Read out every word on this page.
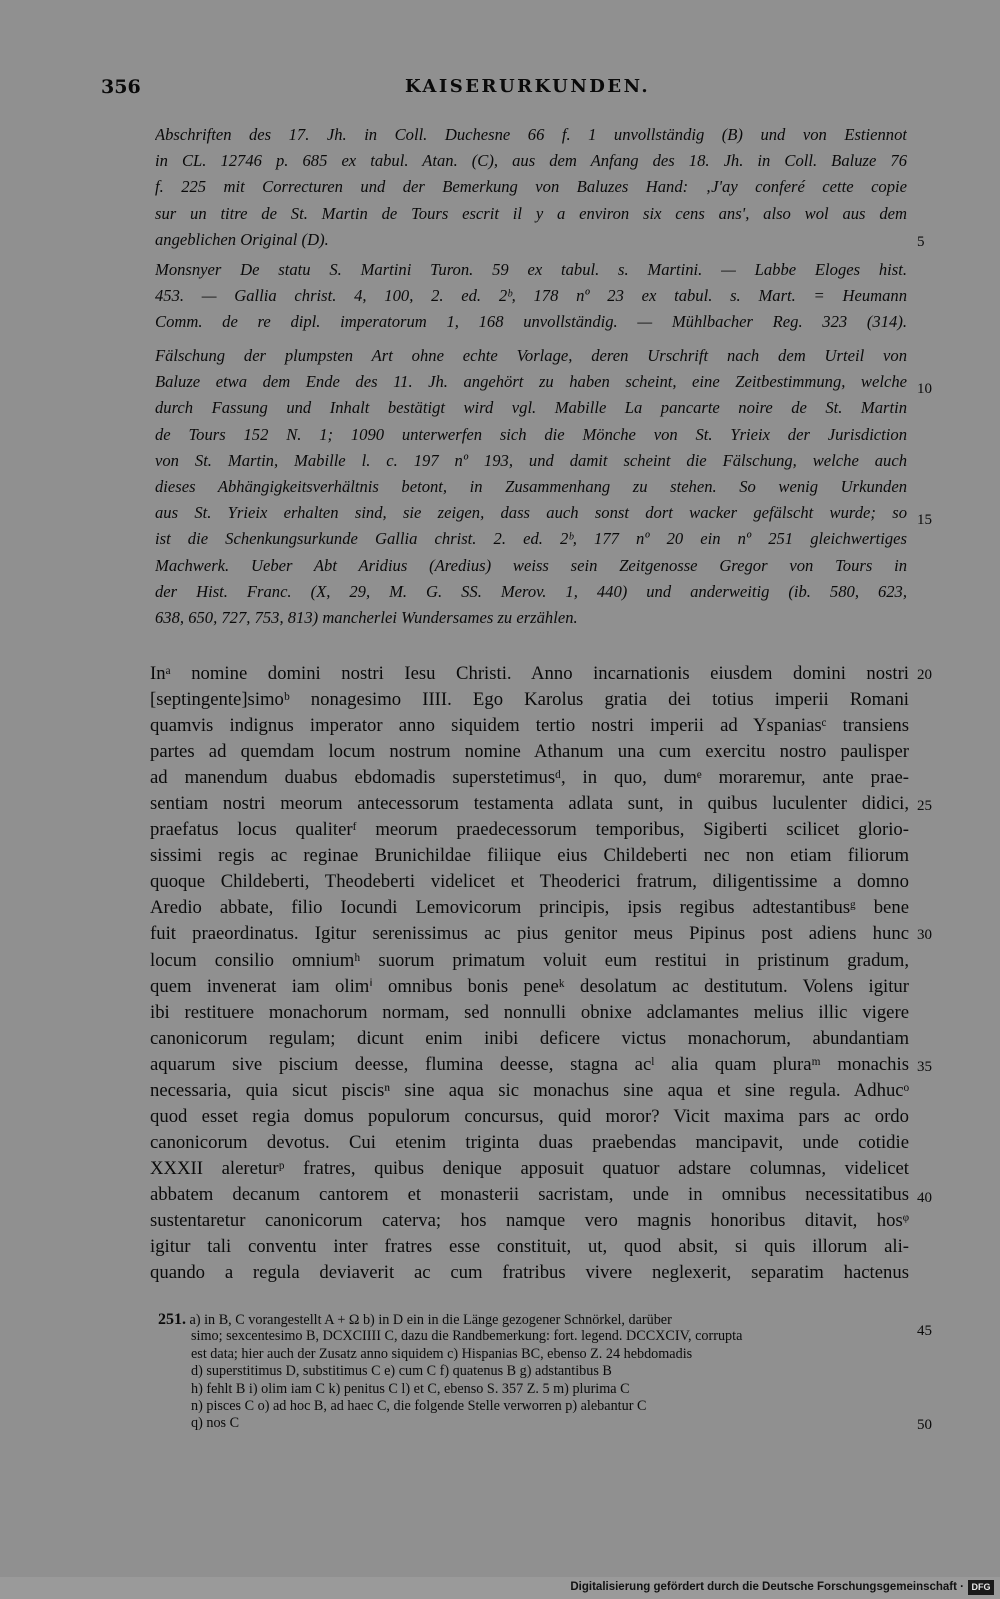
356	KAISERURKUNDEN.
Abschriften des 17. Jh. in Coll. Duchesne 66 f. 1 unvollständig (B) und von Estiennot
in CL. 12746 p. 685 ex tabul. Atan. (C), aus dem Anfang des 18. Jh. in Coll. Baluze 76
f. 225 mit Correcturen und der Bemerkung von Baluzes Hand: ‚J'ay conferé cette copie
sur un titre de St. Martin de Tours escrit il y a environ six cens ans', also wol aus dem
angeblichen Original (D).
Monsnyer De statu S. Martini Turon. 59 ex tabul. s. Martini. — Labbe Eloges hist.
453. — Gallia christ. 4, 100, 2. ed. 2ᵇ, 178 nº 23 ex tabul. s. Mart. = Heumann
Comm. de re dipl. imperatorum 1, 168 unvollständig. — Mühlbacher Reg. 323 (314).
Fälschung der plumpsten Art ohne echte Vorlage, deren Urschrift nach dem Urteil von
Baluze etwa dem Ende des 11. Jh. angehört zu haben scheint, eine Zeitbestimmung, welche
durch Fassung und Inhalt bestätigt wird vgl. Mabille La pancarte noire de St. Martin
de Tours 152 N. 1; 1090 unterwerfen sich die Mönche von St. Yrieix der Jurisdiction
von St. Martin, Mabille l. c. 197 nº 193, und damit scheint die Fälschung, welche auch
dieses Abhängigkeitsverhältnis betont, in Zusammenhang zu stehen. So wenig Urkunden
aus St. Yrieix erhalten sind, sie zeigen, dass auch sonst dort wacker gefälscht wurde; so
ist die Schenkungsurkunde Gallia christ. 2. ed. 2ᵇ, 177 nº 20 ein nº 251 gleichwertiges
Machwerk. Ueber Abt Aridius (Aredius) weiss sein Zeitgenosse Gregor von Tours in
der Hist. Franc. (X, 29, M. G. SS. Merov. 1, 440) und anderweitig (ib. 580, 623,
638, 650, 727, 753, 813) mancherlei Wundersames zu erzählen.
Inᵃ nomine domini nostri Iesu Christi. Anno incarnationis eiusdem domini nostri
[septingente]simoᵇ nonagesimo IIII. Ego Karolus gratia dei totius imperii Romani
quamvis indignus imperator anno siquidem tertio nostri imperii ad Yspaniasᶜ transiens
partes ad quemdam locum nostrum nomine Athanum una cum exercitu nostro paulisper
ad manendum duabus ebdomadis superstetimusᵈ, in quo, dumᵉ moraremur, ante prae-
sentiam nostri meorum antecessorum testamenta adlata sunt, in quibus luculenter didici,
praefatus locus qualiterᶠ meorum praedecessorum temporibus, Sigiberti scilicet glorio-
sissimi regis ac reginae Brunichildae filiique eius Childeberti nec non etiam filiorum
quoque Childeberti, Theodeberti videlicet et Theoderici fratrum, diligentissime a domno
Aredio abbate, filio Iocundi Lemovicorum principis, ipsis regibus adtestantibusᵍ bene
fuit praeordinatus. Igitur serenissimus ac pius genitor meus Pipinus post adiens hunc
locum consilio omniumʰ suorum primatum voluit eum restitui in pristinum gradum,
quem invenerat iam olimⁱ omnibus bonis peneᵏ desolatum ac destitutum. Volens igitur
ibi restituere monachorum normam, sed nonnulli obnixe adclamantes melius illic vigere
canonicorum regulam; dicunt enim inibi deficere victus monachorum, abundantiam
aquarum sive piscium deesse, flumina deesse, stagna acˡ alia quam pluraᵐ monachis
necessaria, quia sicut piscisⁿ sine aqua sic monachus sine aqua et sine regula. Adhucᵒ
quod esset regia domus populorum concursus, quid moror? Vicit maxima pars ac ordo
canonicorum devotus. Cui etenim triginta duas praebendas mancipavit, unde cotidie
XXXII alereturᵖ fratres, quibus denique apposuit quatuor adstare columnas, videlicet
abbatem decanum cantorem et monasterii sacristam, unde in omnibus necessitatibus
sustentaretur canonicorum caterva; hos namque vero magnis honoribus ditavit, hosᵠ
igitur tali conventu inter fratres esse constituit, ut, quod absit, si quis illorum ali-
quando a regula deviaverit ac cum fratribus vivere neglexerit, separatim hactenus
251. a) in B, C vorangestellt A + Ω b) in D ein in die Länge gezogener Schnörkel, darüber
simo; sexcentesimo B, DCXCIIII C, dazu die Randbemerkung: fort. legend. DCCXCIV, corrupta
est data; hier auch der Zusatz anno siquidem c) Hispanias BC, ebenso Z. 24 hebdomadis
d) superstitimus D, substitimus C e) cum C f) quatenus B g) adstantibus B
h) fehlt B i) olim iam C k) penitus C l) et C, ebenso S. 357 Z. 5 m) plurima C
n) pisces C o) ad hoc B, ad haec C, die folgende Stelle verworren p) alebantur C
q) nos C
5
10
15
20
25
30
35
40
45
50
Digitalisierung gefördert durch die Deutsche Forschungsgemeinschaft · DFG
